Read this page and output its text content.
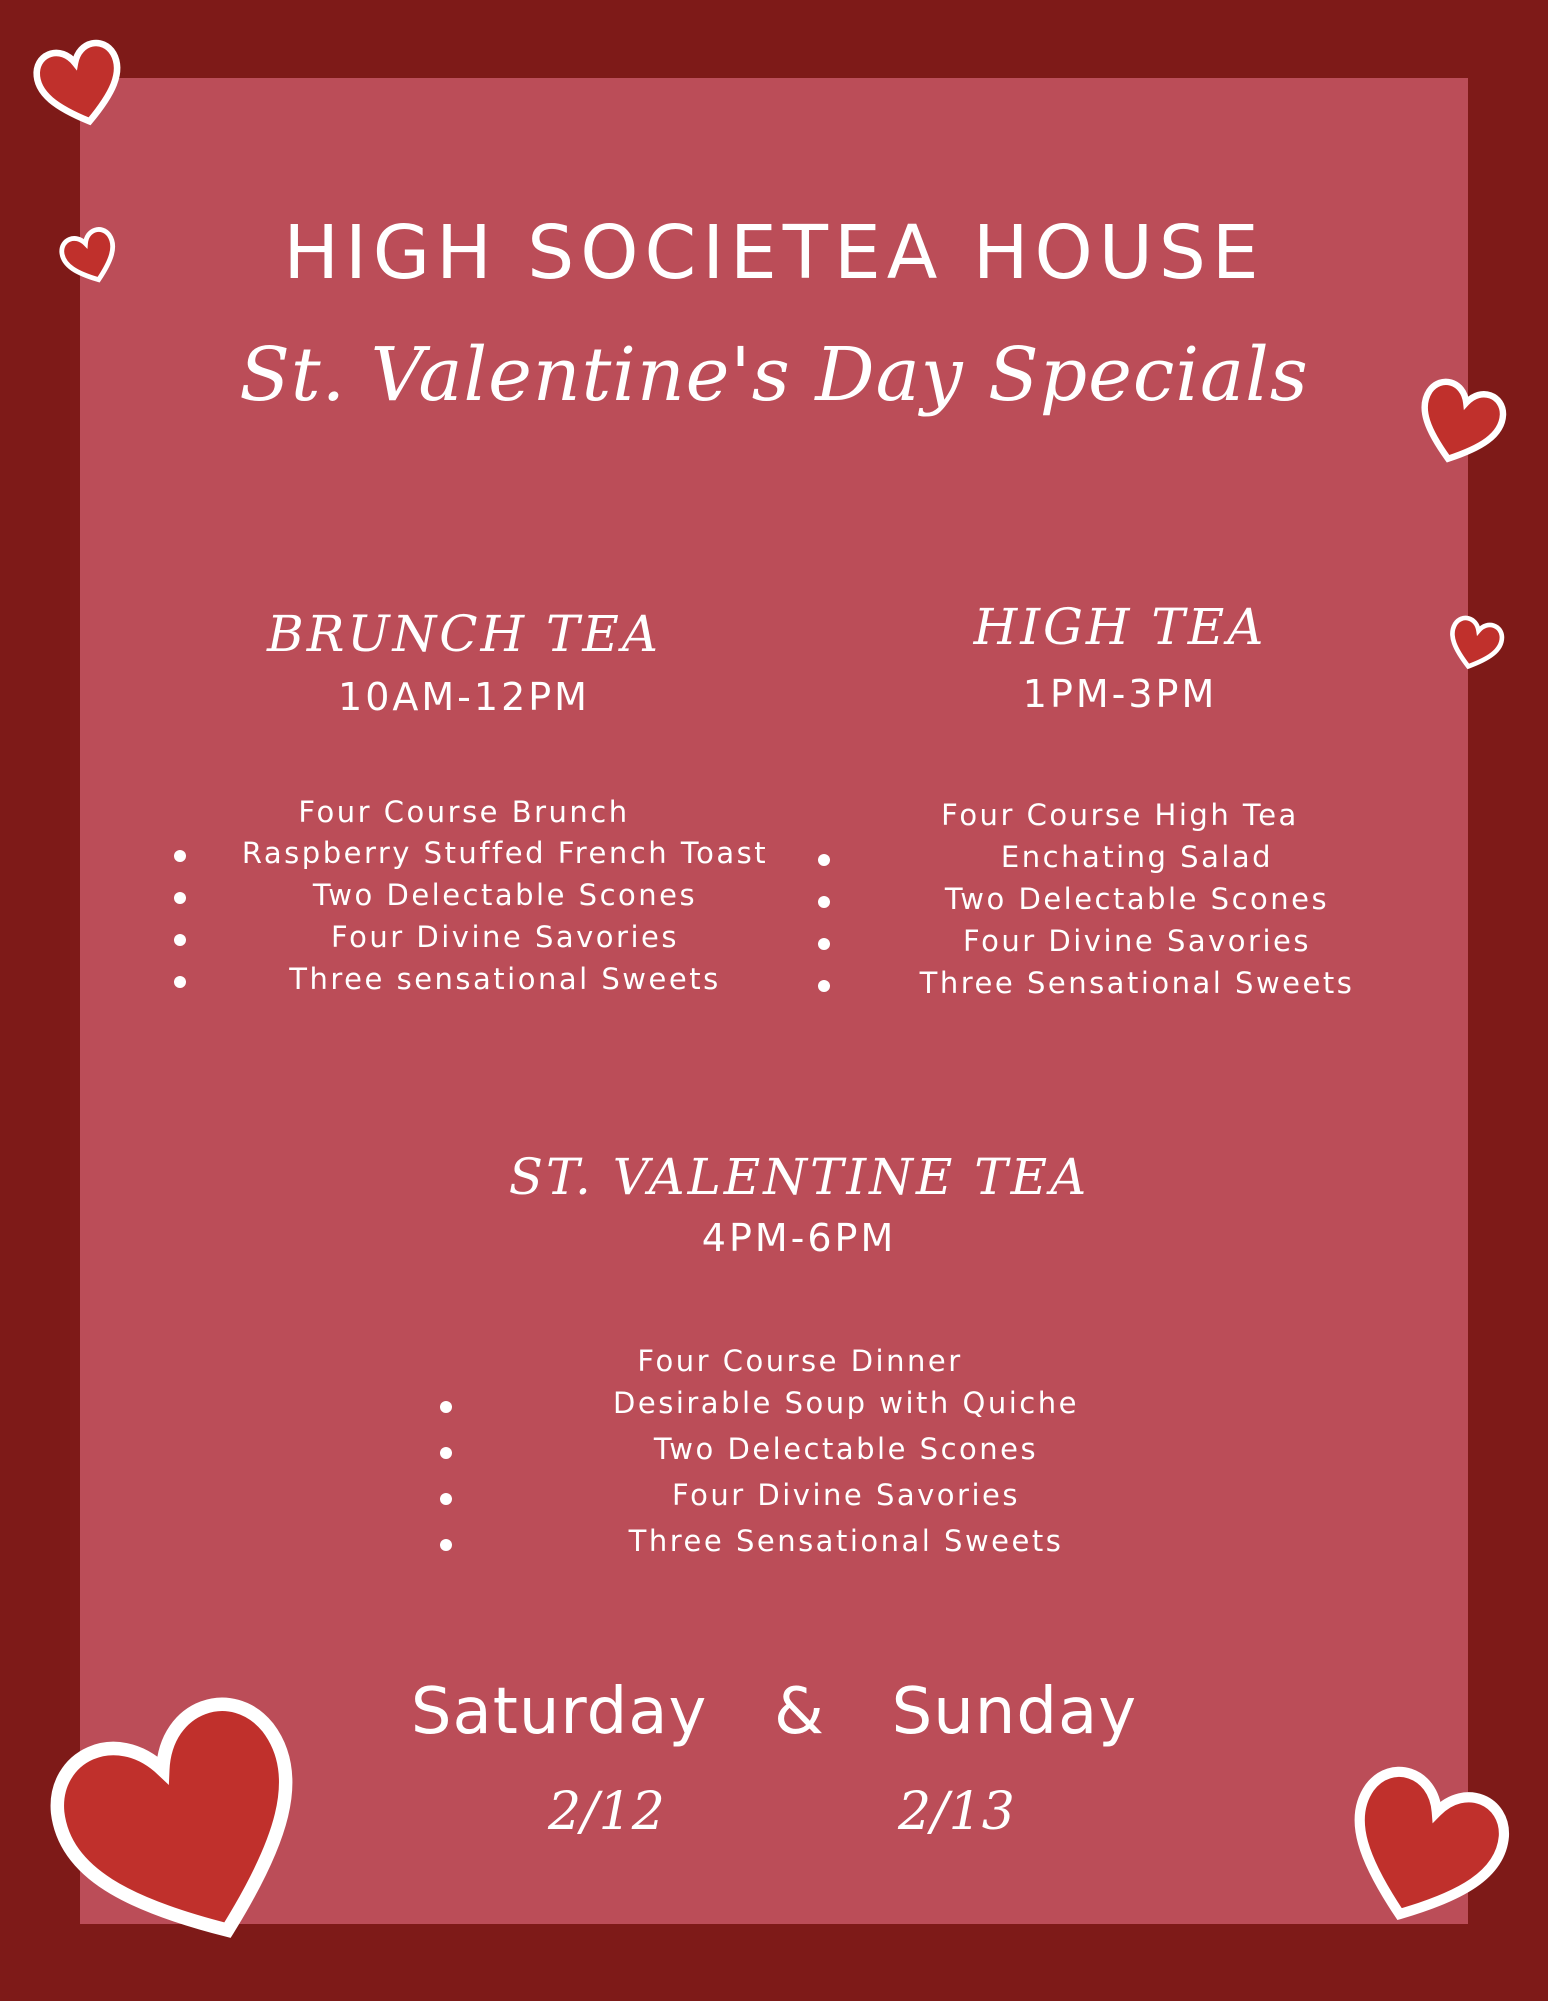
HIGH SOCIETEA HOUSE
St. Valentine's Day Specials
BRUNCH TEA
10AM-12PM
Four Course Brunch
Raspberry Stuffed French Toast
Two Delectable Scones
Four Divine Savories
Three sensational Sweets
HIGH TEA
1PM-3PM
Four Course High Tea
Enchating Salad
Two Delectable Scones
Four Divine Savories
Three Sensational Sweets
ST. VALENTINE TEA
4PM-6PM
Four Course Dinner
Desirable Soup with Quiche
Two Delectable Scones
Four Divine Savories
Three Sensational Sweets
Saturday  &  Sunday
2/12	2/13
